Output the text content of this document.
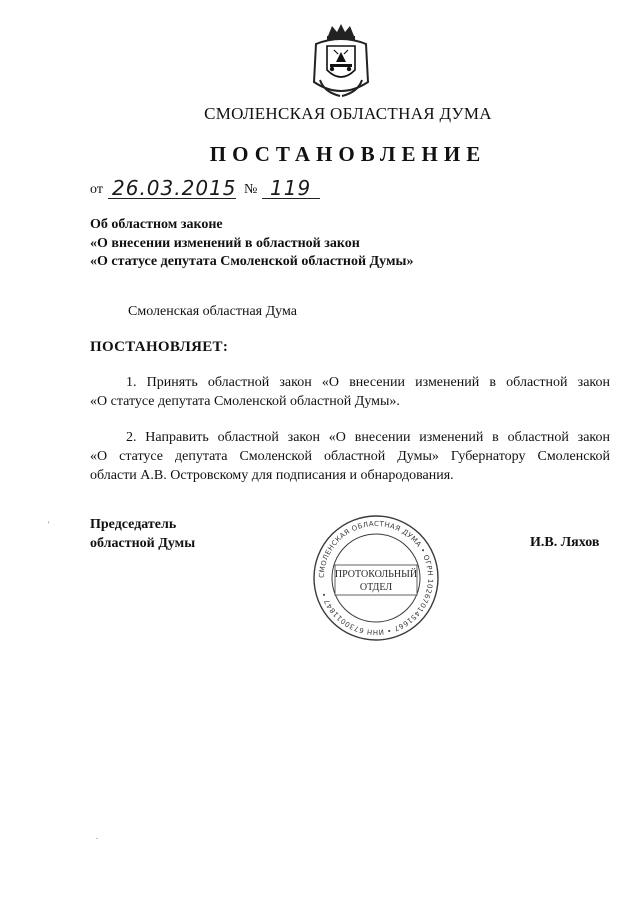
СМОЛЕНСКАЯ ОБЛАСТНАЯ ДУМА
ПОСТАНОВЛЕНИЕ
от 26.03.2015 № 119
Об областном законе
«О внесении изменений в областной закон
«О статусе депутата Смоленской областной Думы»
Смоленская областная Дума
ПОСТАНОВЛЯЕТ:
1. Принять областной закон «О внесении изменений в областной закон
«О статусе депутата Смоленской областной Думы».
2. Направить областной закон «О внесении изменений в областной закон
«О статусе депутата Смоленской областной Думы» Губернатору Смоленской
области А.В. Островскому для подписания и обнародования.
'	Председатель
областной Думы
СМОЛЕНСКАЯ ОБЛАСТНАЯ ДУМА • ОГРН 1026701451667 • ИНН 6730011847 •
ПРОТОКОЛЬНЫЙ
ОТДЕЛ
И.В. Ляхов
.
